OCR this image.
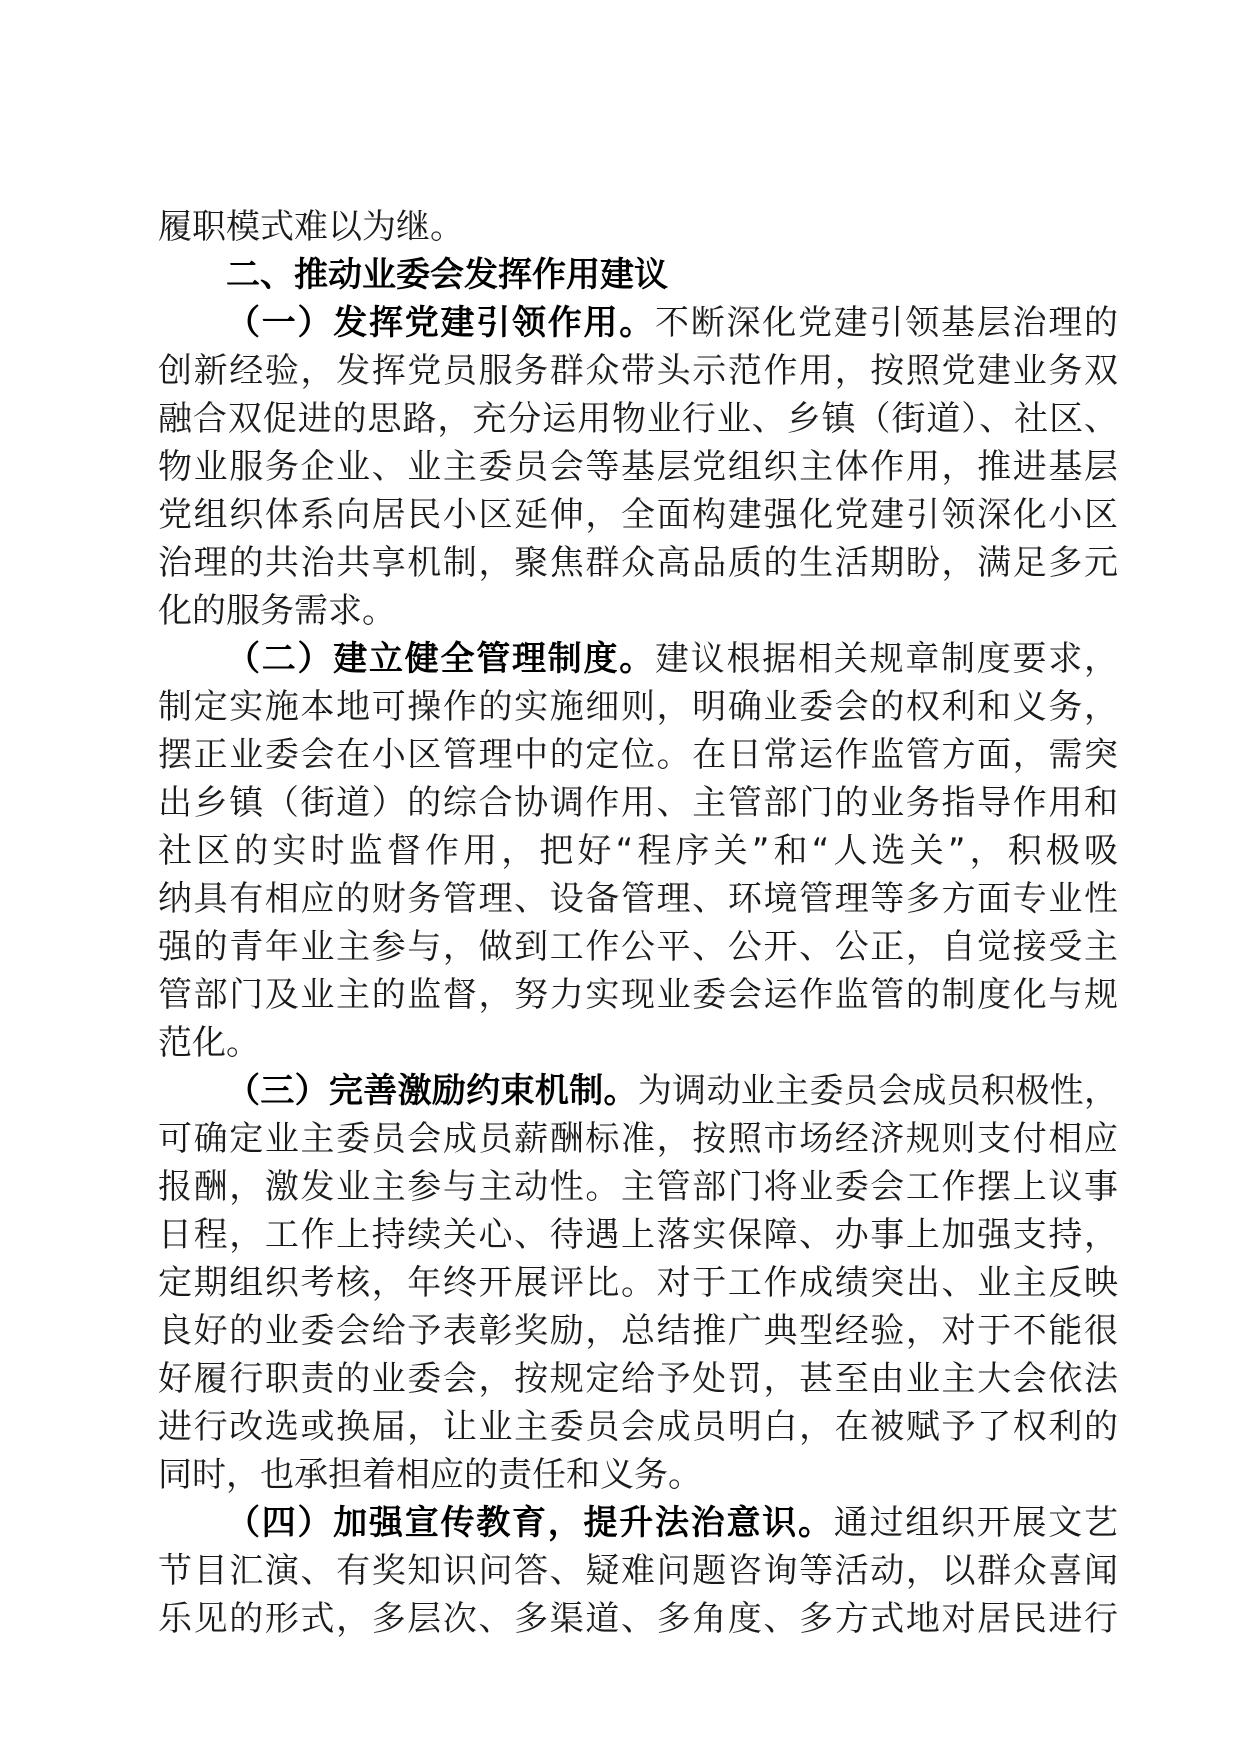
履职模式难以为继。
二、推动业委会发挥作用建议
（一）发挥党建引领作用。不断深化党建引领基层治理的
创新经验，发挥党员服务群众带头示范作用，按照党建业务双
融合双促进的思路，充分运用物业行业、乡镇（街道）、社区、
物业服务企业、业主委员会等基层党组织主体作用，推进基层
党组织体系向居民小区延伸，全面构建强化党建引领深化小区
治理的共治共享机制，聚焦群众高品质的生活期盼，满足多元
化的服务需求。
（二）建立健全管理制度。建议根据相关规章制度要求，
制定实施本地可操作的实施细则，明确业委会的权利和义务，
摆正业委会在小区管理中的定位。在日常运作监管方面，需突
出乡镇（街道）的综合协调作用、主管部门的业务指导作用和
社区的实时监督作用，把好“程序关”和“人选关”，积极吸
纳具有相应的财务管理、设备管理、环境管理等多方面专业性
强的青年业主参与，做到工作公平、公开、公正，自觉接受主
管部门及业主的监督，努力实现业委会运作监管的制度化与规
范化。
（三）完善激励约束机制。为调动业主委员会成员积极性，
可确定业主委员会成员薪酬标准，按照市场经济规则支付相应
报酬，激发业主参与主动性。主管部门将业委会工作摆上议事
日程，工作上持续关心、待遇上落实保障、办事上加强支持，
定期组织考核，年终开展评比。对于工作成绩突出、业主反映
良好的业委会给予表彰奖励，总结推广典型经验，对于不能很
好履行职责的业委会，按规定给予处罚，甚至由业主大会依法
进行改选或换届，让业主委员会成员明白，在被赋予了权利的
同时，也承担着相应的责任和义务。
（四）加强宣传教育，提升法治意识。通过组织开展文艺
节目汇演、有奖知识问答、疑难问题咨询等活动，以群众喜闻
乐见的形式，多层次、多渠道、多角度、多方式地对居民进行
